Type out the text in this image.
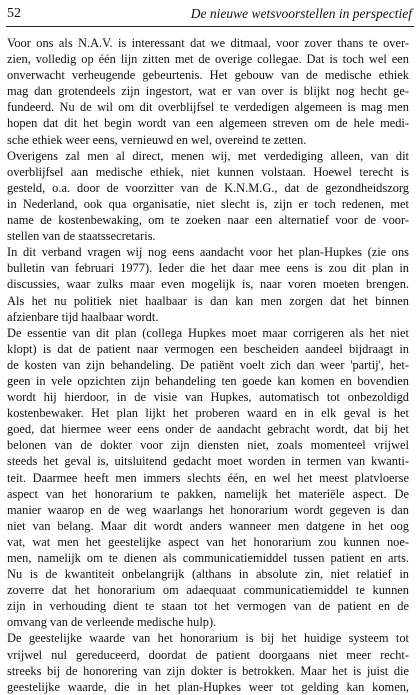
52	De nieuwe wetsvoorstellen in perspectief
Voor ons als N.A.V. is interessant dat we ditmaal, voor zover thans te over-
zien, volledig op één lijn zitten met de overige collegae. Dat is toch wel een
onverwacht verheugende gebeurtenis. Het gebouw van de medische ethiek
mag dan grotendeels zijn ingestort, wat er van over is blijkt nog hecht ge-
fundeerd. Nu de wil om dit overblijfsel te verdedigen algemeen is mag men
hopen dat dit het begin wordt van een algemeen streven om de hele medi-
sche ethiek weer eens, vernieuwd en wel, overeind te zetten.
Overigens zal men al direct, menen wij, met verdediging alleen, van dit
overblijfsel aan medische ethiek, niet kunnen volstaan. Hoewel terecht is
gesteld, o.a. door de voorzitter van de K.N.M.G., dat de gezondheidszorg
in Nederland, ook qua organisatie, niet slecht is, zijn er toch redenen, met
name de kostenbewaking, om te zoeken naar een alternatief voor de voor-
stellen van de staatssecretaris.
In dit verband vragen wij nog eens aandacht voor het plan-Hupkes (zie ons
bulletin van februari 1977). Ieder die het daar mee eens is zou dit plan in
discussies, waar zulks maar even mogelijk is, naar voren moeten brengen.
Als het nu politiek niet haalbaar is dan kan men zorgen dat het binnen
afzienbare tijd haalbaar wordt.
De essentie van dit plan (collega Hupkes moet maar corrigeren als het niet
klopt) is dat de patient naar vermogen een bescheiden aandeel bijdraagt in
de kosten van zijn behandeling. De patiënt voelt zich dan weer 'partij', het-
geen in vele opzichten zijn behandeling ten goede kan komen en bovendien
wordt hij hierdoor, in de visie van Hupkes, automatisch tot onbezoldigd
kostenbewaker. Het plan lijkt het proberen waard en in elk geval is het
goed, dat hiermee weer eens onder de aandacht gebracht wordt, dat bij het
belonen van de dokter voor zijn diensten niet, zoals momenteel vrijwel
steeds het geval is, uitsluitend gedacht moet worden in termen van kwanti-
teit. Daarmee heeft men immers slechts één, en wel het meest platvloerse
aspect van het honorarium te pakken, namelijk het materiële aspect. De
manier waarop en de weg waarlangs het honorarium wordt gegeven is dan
niet van belang. Maar dit wordt anders wanneer men datgene in het oog
vat, wat men het geestelijke aspect van het honorarium zou kunnen noe-
men, namelijk om te dienen als communicatiemiddel tussen patient en arts.
Nu is de kwantiteit onbelangrijk (althans in absolute zin, niet relatief in
zoverre dat het honorarium om adaequaat communicatiemiddel te kunnen
zijn in verhouding dient te staan tot het vermogen van de patient en de
omvang van de verleende medische hulp).
De geestelijke waarde van het honorarium is bij het huidige systeem tot
vrijwel nul gereduceerd, doordat de patient doorgaans niet meer recht-
streeks bij de honorering van zijn dokter is betrokken. Maar het is juist die
geestelijke waarde, die in het plan-Hupkes weer tot gelding kan komen,
